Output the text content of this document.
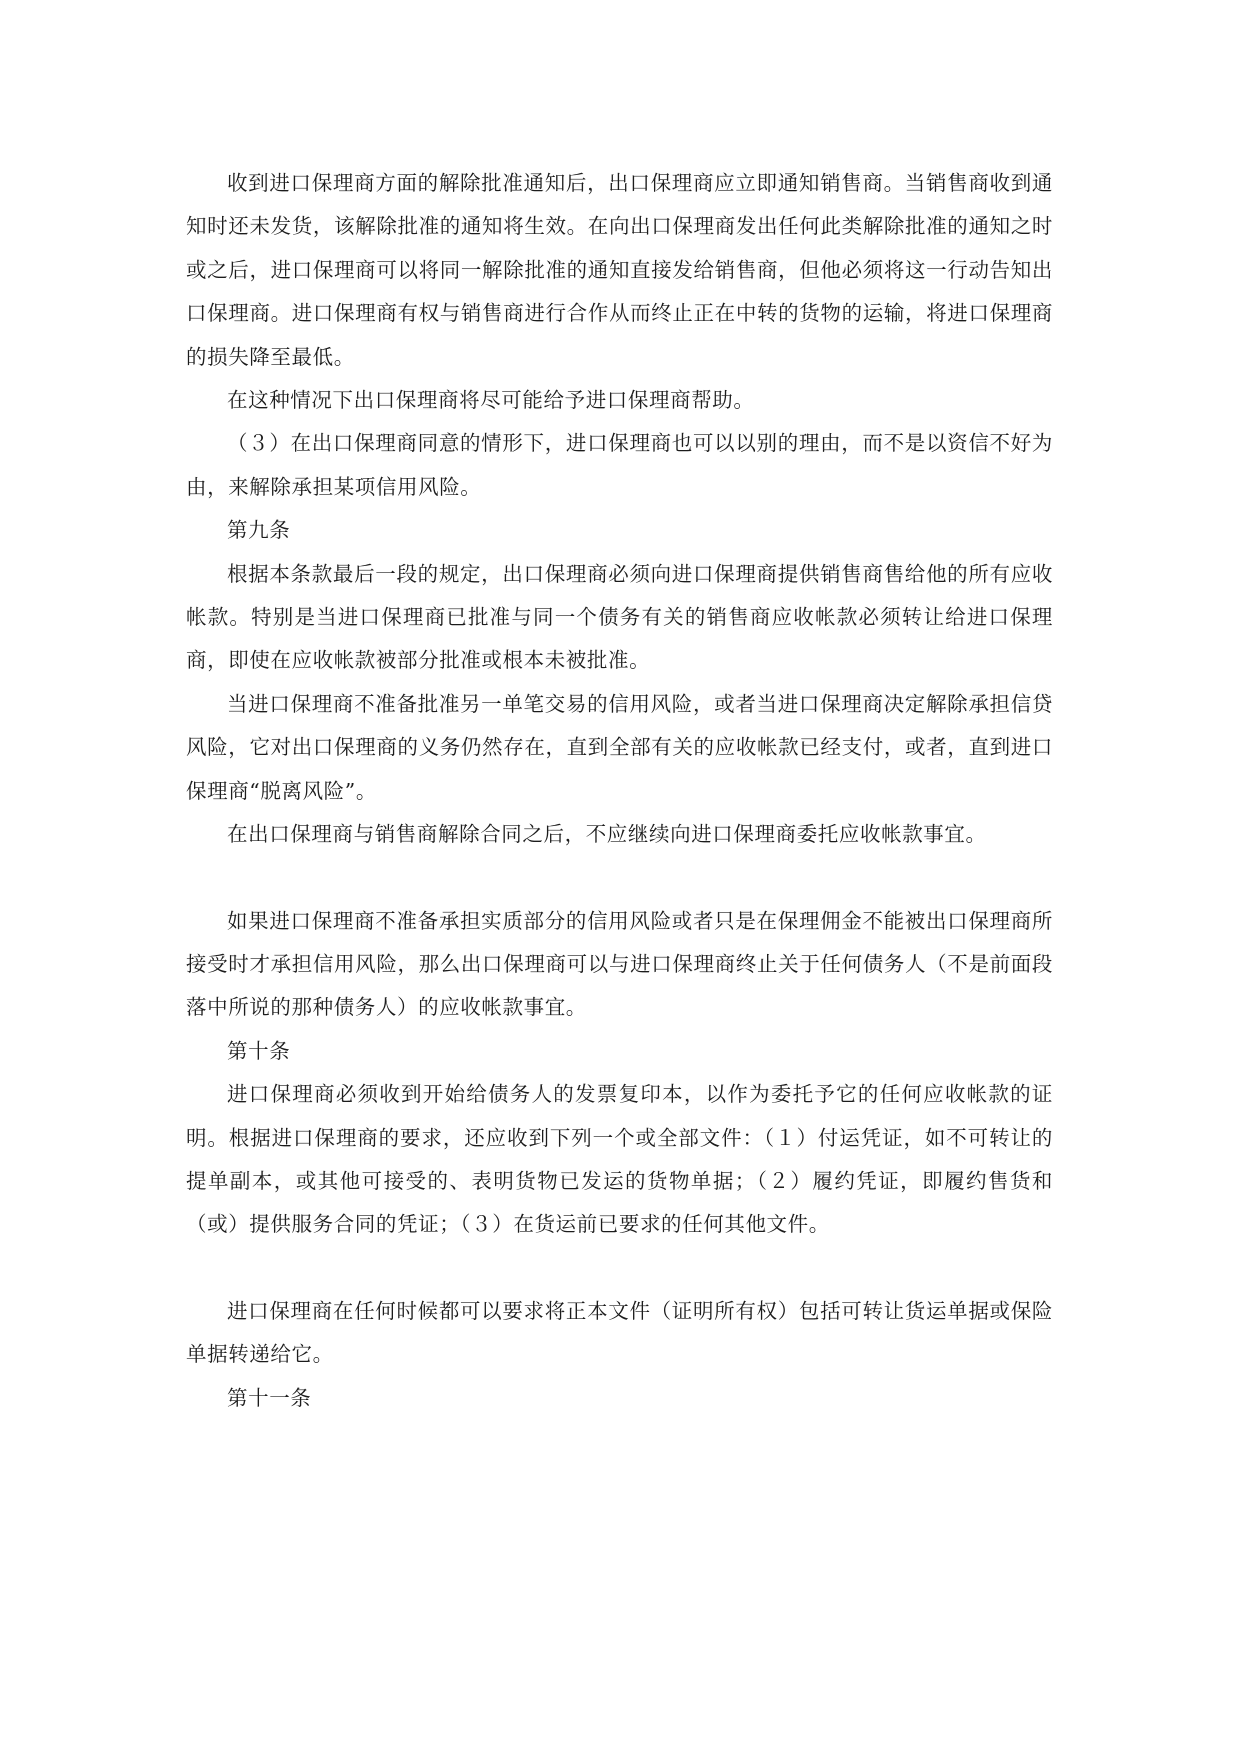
收到进口保理商方面的解除批准通知后，出口保理商应立即通知销售商。当销售商收到通知时还未发货，该解除批准的通知将生效。在向出口保理商发出任何此类解除批准的通知之时或之后，进口保理商可以将同一解除批准的通知直接发给销售商，但他必须将这一行动告知出口保理商。进口保理商有权与销售商进行合作从而终止正在中转的货物的运输，将进口保理商的损失降至最低。

在这种情况下出口保理商将尽可能给予进口保理商帮助。

（３）在出口保理商同意的情形下，进口保理商也可以以别的理由，而不是以资信不好为由，来解除承担某项信用风险。

第九条

根据本条款最后一段的规定，出口保理商必须向进口保理商提供销售商售给他的所有应收帐款。特别是当进口保理商已批准与同一个债务有关的销售商应收帐款必须转让给进口保理商，即使在应收帐款被部分批准或根本未被批准。

当进口保理商不准备批准另一单笔交易的信用风险，或者当进口保理商决定解除承担信贷风险，它对出口保理商的义务仍然存在，直到全部有关的应收帐款已经支付，或者，直到进口保理商“脱离风险”。

在出口保理商与销售商解除合同之后，不应继续向进口保理商委托应收帐款事宜。

如果进口保理商不准备承担实质部分的信用风险或者只是在保理佣金不能被出口保理商所接受时才承担信用风险，那么出口保理商可以与进口保理商终止关于任何债务人（不是前面段落中所说的那种债务人）的应收帐款事宜。

第十条

进口保理商必须收到开始给债务人的发票复印本，以作为委托予它的任何应收帐款的证明。根据进口保理商的要求，还应收到下列一个或全部文件：（１）付运凭证，如不可转让的提单副本，或其他可接受的、表明货物已发运的货物单据；（２）履约凭证，即履约售货和（或）提供服务合同的凭证；（３）在货运前已要求的任何其他文件。

进口保理商在任何时候都可以要求将正本文件（证明所有权）包括可转让货运单据或保险单据转递给它。

第十一条
